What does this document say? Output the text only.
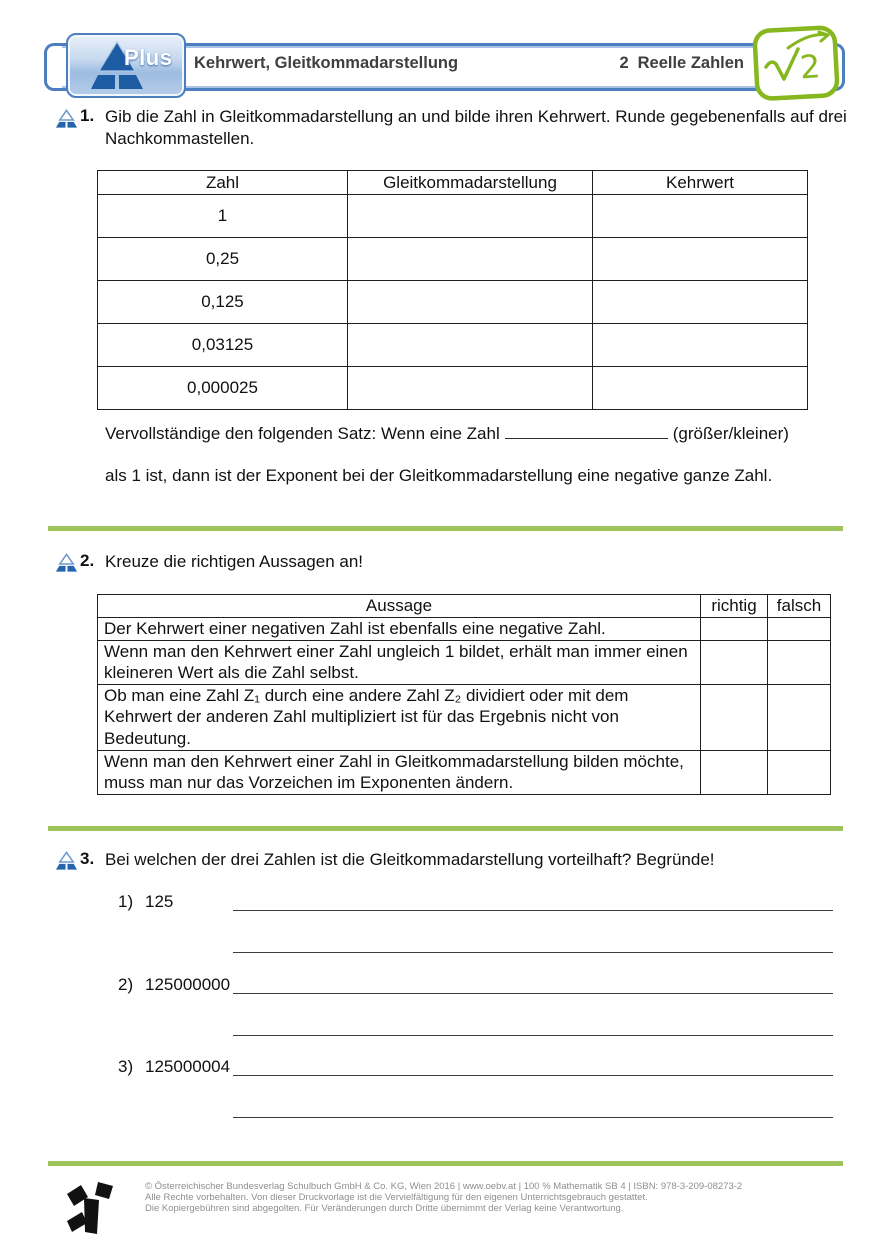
Plus Kehrwert, Gleitkommadarstellung	2 Reelle Zahlen 2
1. Gib die Zahl in Gleitkommadarstellung an und bilde ihren Kehrwert. Runde gegebenenfalls auf drei Nachkommastellen.
Zahl	Gleitkommadarstellung	Kehrwert
1		
0,25		
0,125		
0,03125		
0,000025		
Vervollständige den folgenden Satz: Wenn eine Zahl	(größer/kleiner)
als 1 ist, dann ist der Exponent bei der Gleitkommadarstellung eine negative ganze Zahl.
2. Kreuze die richtigen Aussagen an!
Aussage	richtig	falsch
Der Kehrwert einer negativen Zahl ist ebenfalls eine negative Zahl.		
Wenn man den Kehrwert einer Zahl ungleich 1 bildet, erhält man immer einen kleineren Wert als die Zahl selbst.		
Ob man eine Zahl Z₁ durch eine andere Zahl Z₂ dividiert oder mit dem Kehrwert der anderen Zahl multipliziert ist für das Ergebnis nicht von Bedeutung.		
Wenn man den Kehrwert einer Zahl in Gleitkommadarstellung bilden möchte, muss man nur das Vorzeichen im Exponenten ändern.		
3. Bei welchen der drei Zahlen ist die Gleitkommadarstellung vorteilhaft? Begründe!
1) 125
2) 125000000
3) 125000004
© Österreichischer Bundesverlag Schulbuch GmbH & Co. KG, Wien 2016 | www.oebv.at | 100 % Mathematik SB 4 | ISBN: 978-3-209-08273-2
Alle Rechte vorbehalten. Von dieser Druckvorlage ist die Vervielfältigung für den eigenen Unterrichtsgebrauch gestattet.
Die Kopiergebühren sind abgegolten. Für Veränderungen durch Dritte übernimmt der Verlag keine Verantwortung.
